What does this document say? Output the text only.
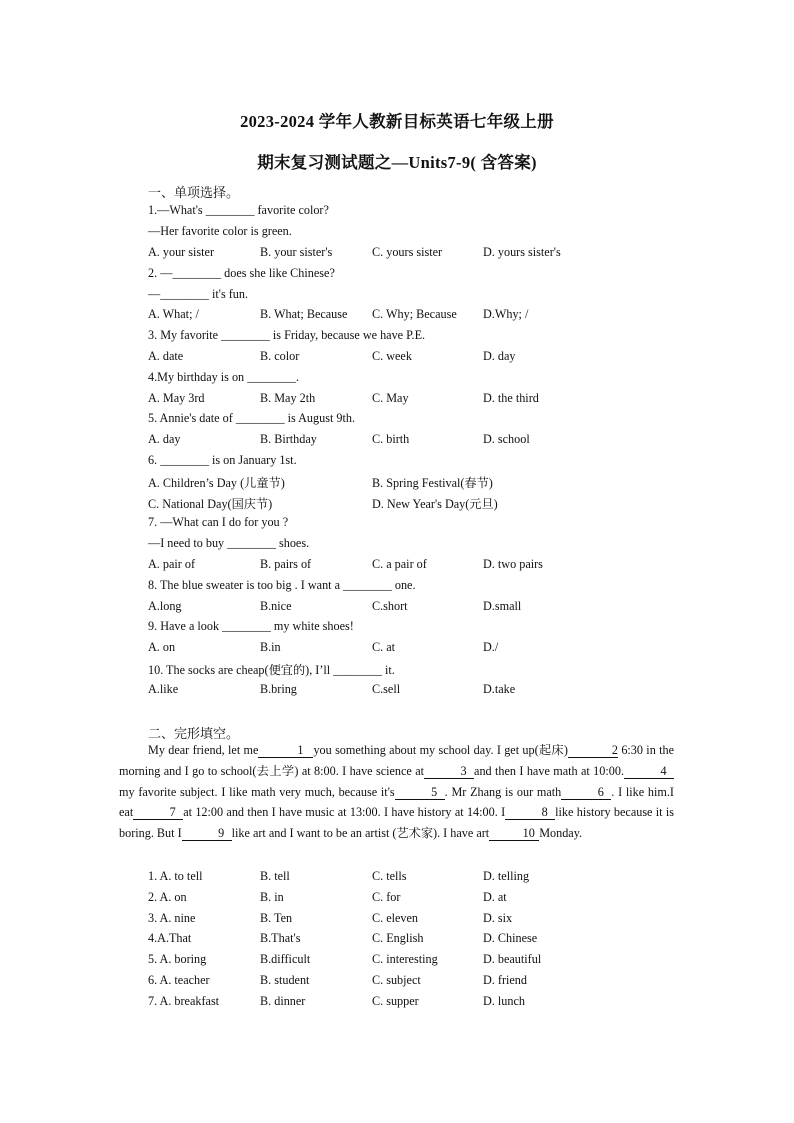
2023-2024 学年人教新目标英语七年级上册
期末复习测试题之—Units7-9( 含答案)
一、单项选择。
1.—What's ________ favorite color?
—Her favorite color is green.
A. your sister	B. your sister's	C. yours sister	D. yours sister's
2. —________ does she like Chinese?
—________ it's fun.
A. What; /	B. What; Because C. Why; Because D.Why; /
3. My favorite ________ is Friday, because we have P.E.
A. date	B. color	C. week	D. day
4.My birthday is on ________.
A. May 3rd	B. May 2th	C. May	D. the third
5. Annie's date of ________ is August 9th.
A. day	B. Birthday	C. birth	D. school
6. ________ is on January 1st.
A. Children’s Day (儿童节)	B. Spring Festival(春节)
C. National Day(国庆节)	D. New Year's Day(元旦)
7. —What can I do for you ?
—I need to buy ________ shoes.
A. pair of	B. pairs of	C. a pair of	D. two pairs
8. The blue sweater is too big . I want a ________ one.
A.long	B.nice	C.short	D.small
9. Have a look ________ my white shoes!
A. on	B.in	C. at	D./
10. The socks are cheap(便宜的), I’ll ________ it.
A.like	B.bring	C.sell	D.take
二、完形填空。

My dear friend, let me	1 you something about my school day. I get up(起床)	2 6:30 in the morning and I go to school(去上学) at 8:00. I have science at	3 and then I have math at 10:00.	4my favorite subject. I like math very much, because it's	5 . Mr Zhang is our math	6 . I like him.I eat	7 at 12:00 and then I have music at 13:00. I have history at 14:00. I	8 like history because it is boring. But I	9 like art and I want to be an artist (艺术家). I have art	10 Monday.

1. A. to tell	B. tell	C. tells	D. telling
2. A. on	B. in	C. for	D. at
3. A. nine	B. Ten	C. eleven	D. six
4.A.That	B.That's	C. English	D. Chinese
5. A. boring	B.difficult	C. interesting	D. beautiful
6. A. teacher	B. student	C. subject	D. friend
7. A. breakfast	B. dinner	C. supper	D. lunch
